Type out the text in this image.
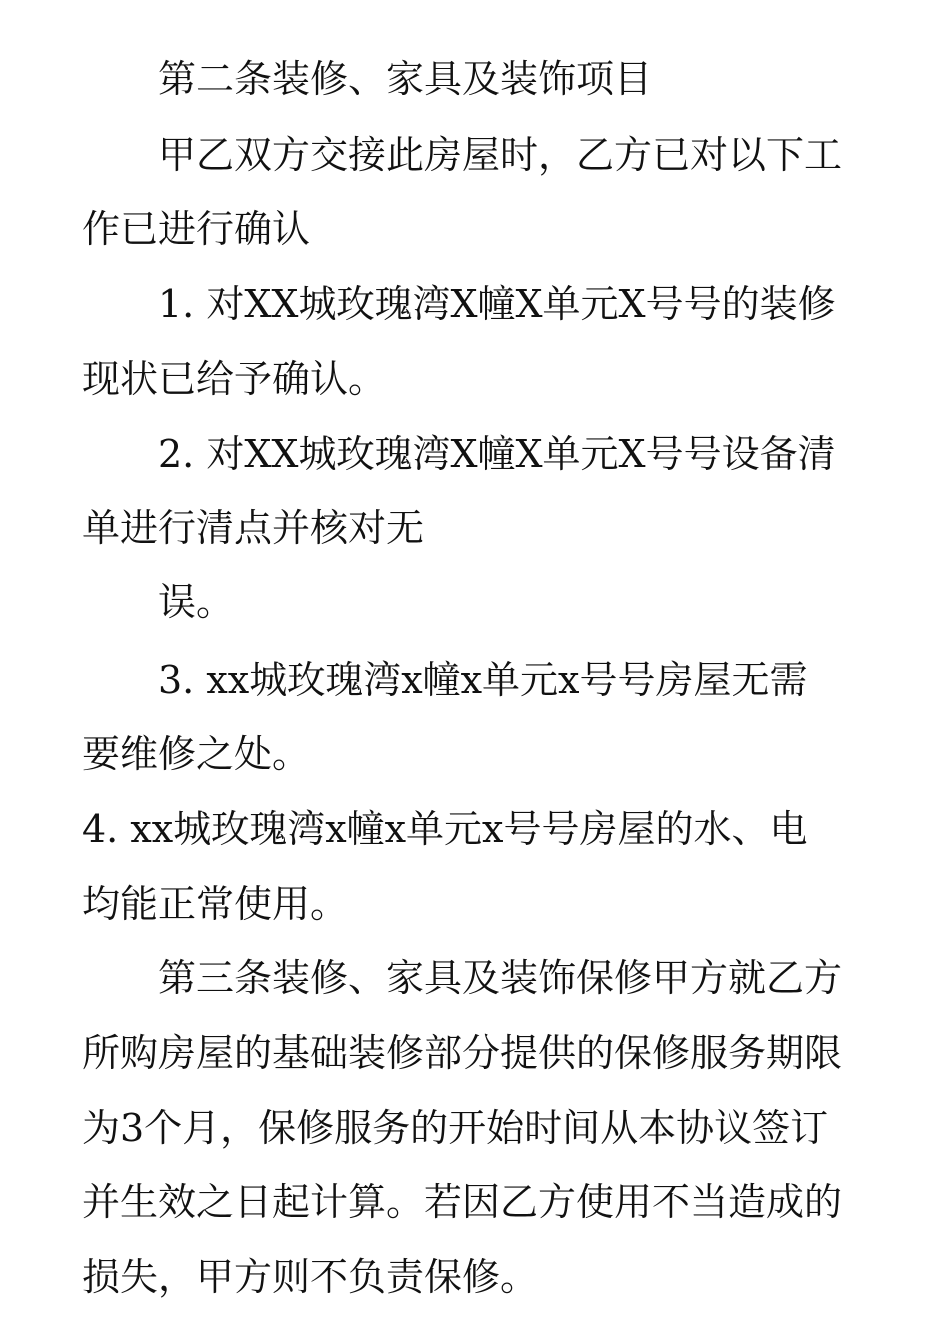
第二条装修、家具及装饰项目
甲乙双方交接此房屋时，乙方已对以下工
作已进行确认
1. 对XX城玫瑰湾X幢X单元X号号的装修
现状已给予确认。
2. 对XX城玫瑰湾X幢X单元X号号设备清
单进行清点并核对无
误。
3. xx城玫瑰湾x幢x单元x号号房屋无需
要维修之处。
4. xx城玫瑰湾x幢x单元x号号房屋的水、电
均能正常使用。
第三条装修、家具及装饰保修甲方就乙方
所购房屋的基础装修部分提供的保修服务期限
为3个月，保修服务的开始时间从本协议签订
并生效之日起计算。若因乙方使用不当造成的
损失，甲方则不负责保修。
